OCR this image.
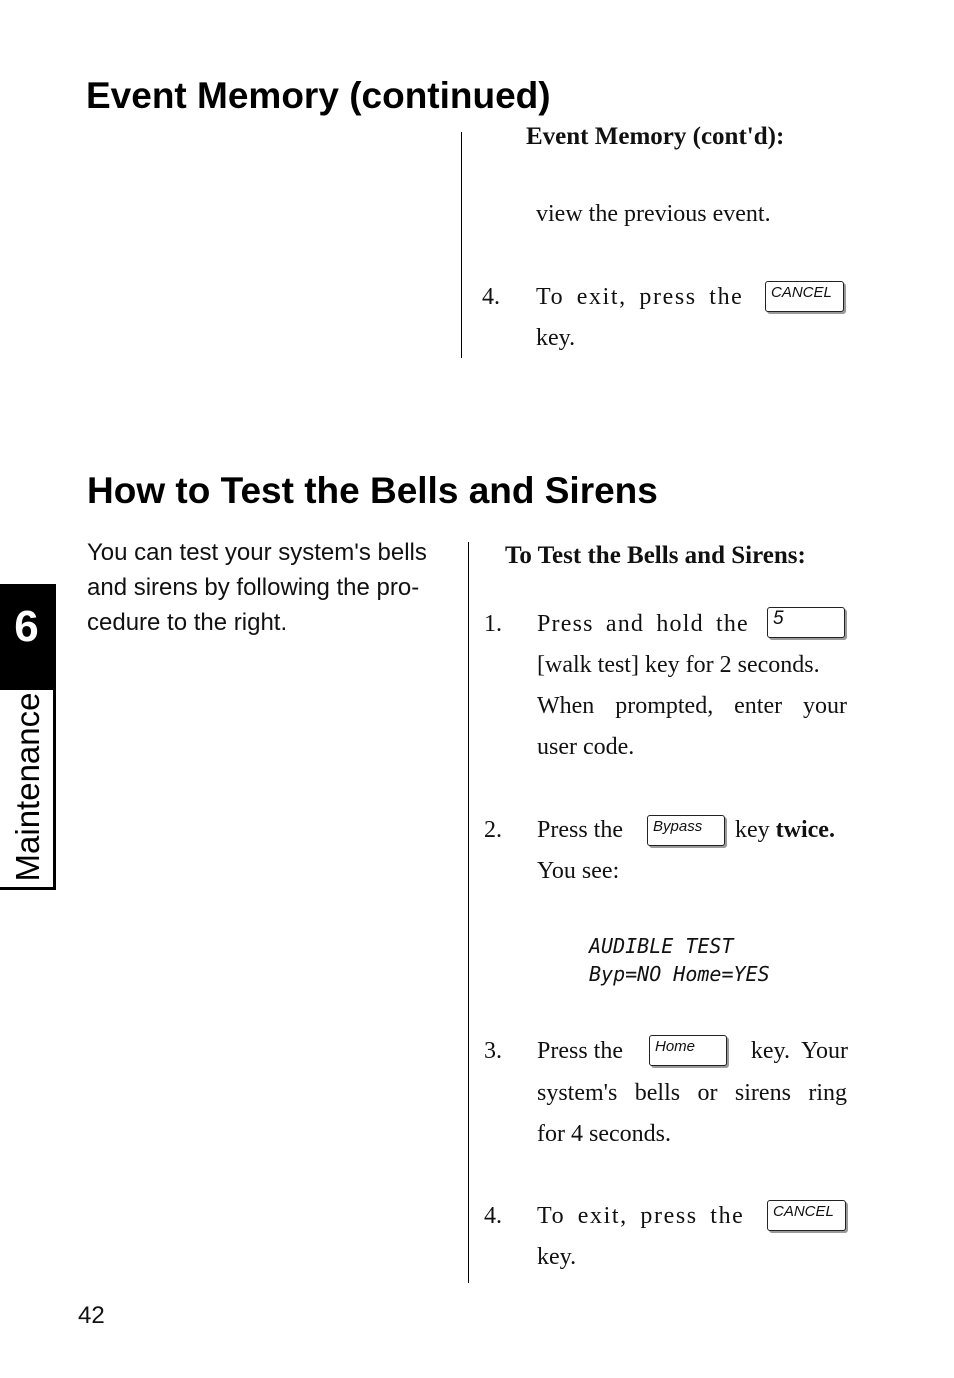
Event Memory (continued)
Event Memory (cont'd):
view the previous event.
4. To exit, press the	CANCEL
key.
How to Test the Bells and Sirens
You can test your system's bells
and sirens by following the pro-
cedure to the right.
To Test the Bells and Sirens:
1. Press and hold the	5
[walk test] key for 2 seconds.
When prompted, enter your
user code.
2. Press the	Bypass	key twice.
You see:
AUDIBLE TEST
Byp=NO Home=YES
3. Press the	Home	key.  Your
system's bells or sirens ring
for 4 seconds.
4. To exit, press the	CANCEL
key.
6
Maintenance
42
